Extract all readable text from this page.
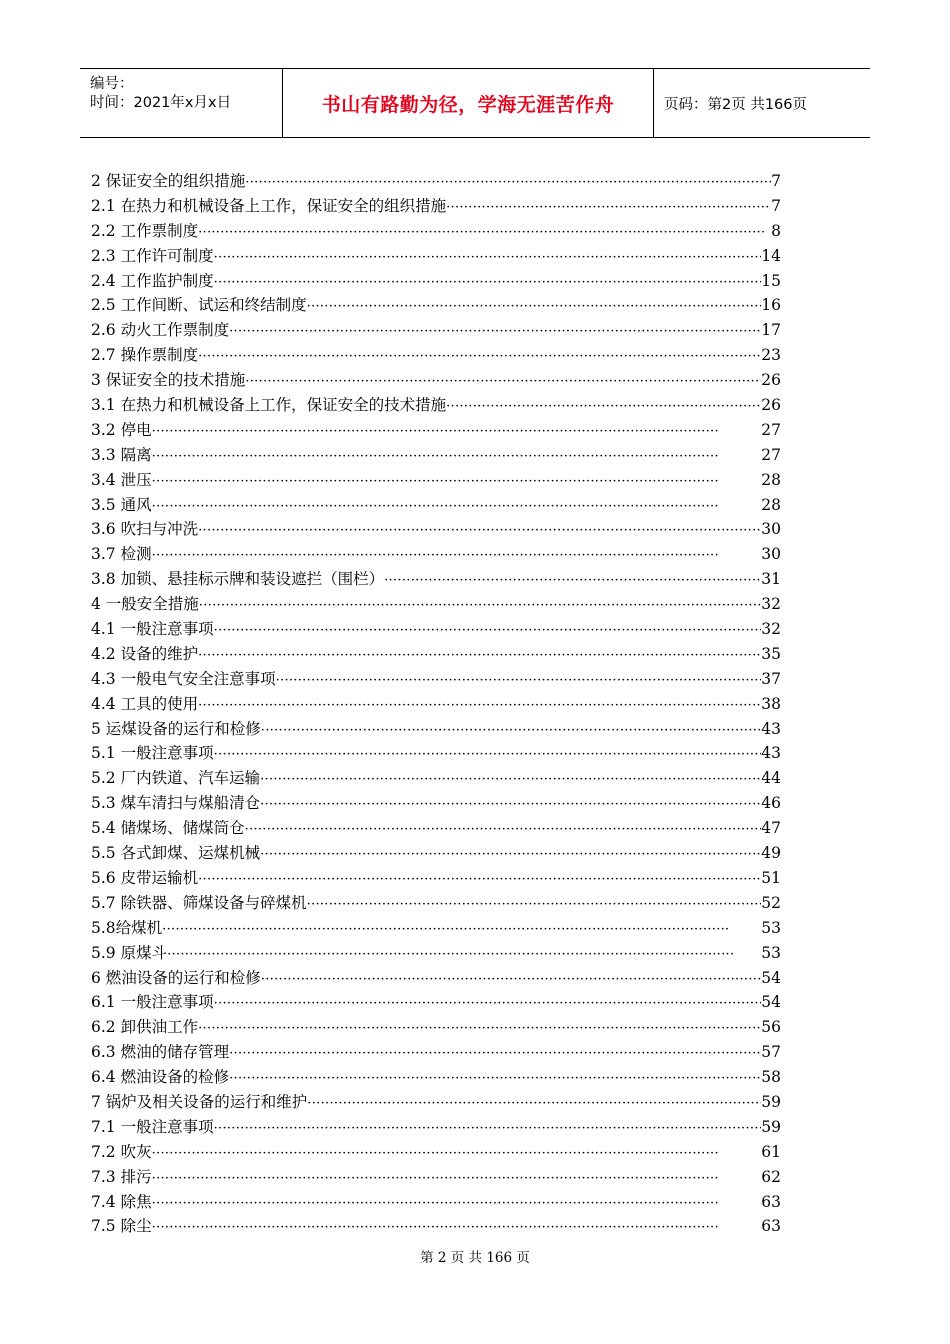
编号：
时间：2021年x月x日	书山有路勤为径，学海无涯苦作舟	页码：第2页 共166页
2 保证安全的组织措施 ·····	7
2.1 在热力和机械设备上工作，保证安全的组织措施 ·····	7
2.2 工作票制度 ·····	8
2.3 工作许可制度 ·····	14
2.4 工作监护制度 ·····	15
2.5 工作间断、试运和终结制度 ·····	16
2.6 动火工作票制度 ·····	17
2.7 操作票制度 ·····	23
3 保证安全的技术措施 ·····	26
3.1 在热力和机械设备上工作，保证安全的技术措施 ·····	26
3.2 停电 ·····	27
3.3 隔离 ·····	27
3.4 泄压 ·····	28
3.5 通风 ·····	28
3.6 吹扫与冲洗 ·····	30
3.7 检测 ·····	30
3.8 加锁、悬挂标示牌和装设遮拦（围栏） ·····	31
4 一般安全措施 ·····	32
4.1 一般注意事项 ·····	32
4.2 设备的维护 ·····	35
4.3 一般电气安全注意事项 ·····	37
4.4 工具的使用 ·····	38
5 运煤设备的运行和检修 ·····	43
5.1 一般注意事项 ·····	43
5.2 厂内铁道、汽车运输 ·····	44
5.3 煤车清扫与煤船清仓 ·····	46
5.4 储煤场、储煤筒仓 ·····	47
5.5 各式卸煤、运煤机械 ·····	49
5.6 皮带运输机 ·····	51
5.7 除铁器、筛煤设备与碎煤机 ·····	52
5.8给煤机 ·····	53
5.9 原煤斗 ·····	53
6 燃油设备的运行和检修 ·····	54
6.1 一般注意事项 ·····	54
6.2 卸供油工作 ·····	56
6.3 燃油的储存管理 ·····	57
6.4 燃油设备的检修 ·····	58
7 锅炉及相关设备的运行和维护 ·····	59
7.1 一般注意事项 ·····	59
7.2 吹灰 ·····	61
7.3 排污 ·····	62
7.4 除焦 ·····	63
7.5 除尘 ·····	63
第 2 页 共 166 页
